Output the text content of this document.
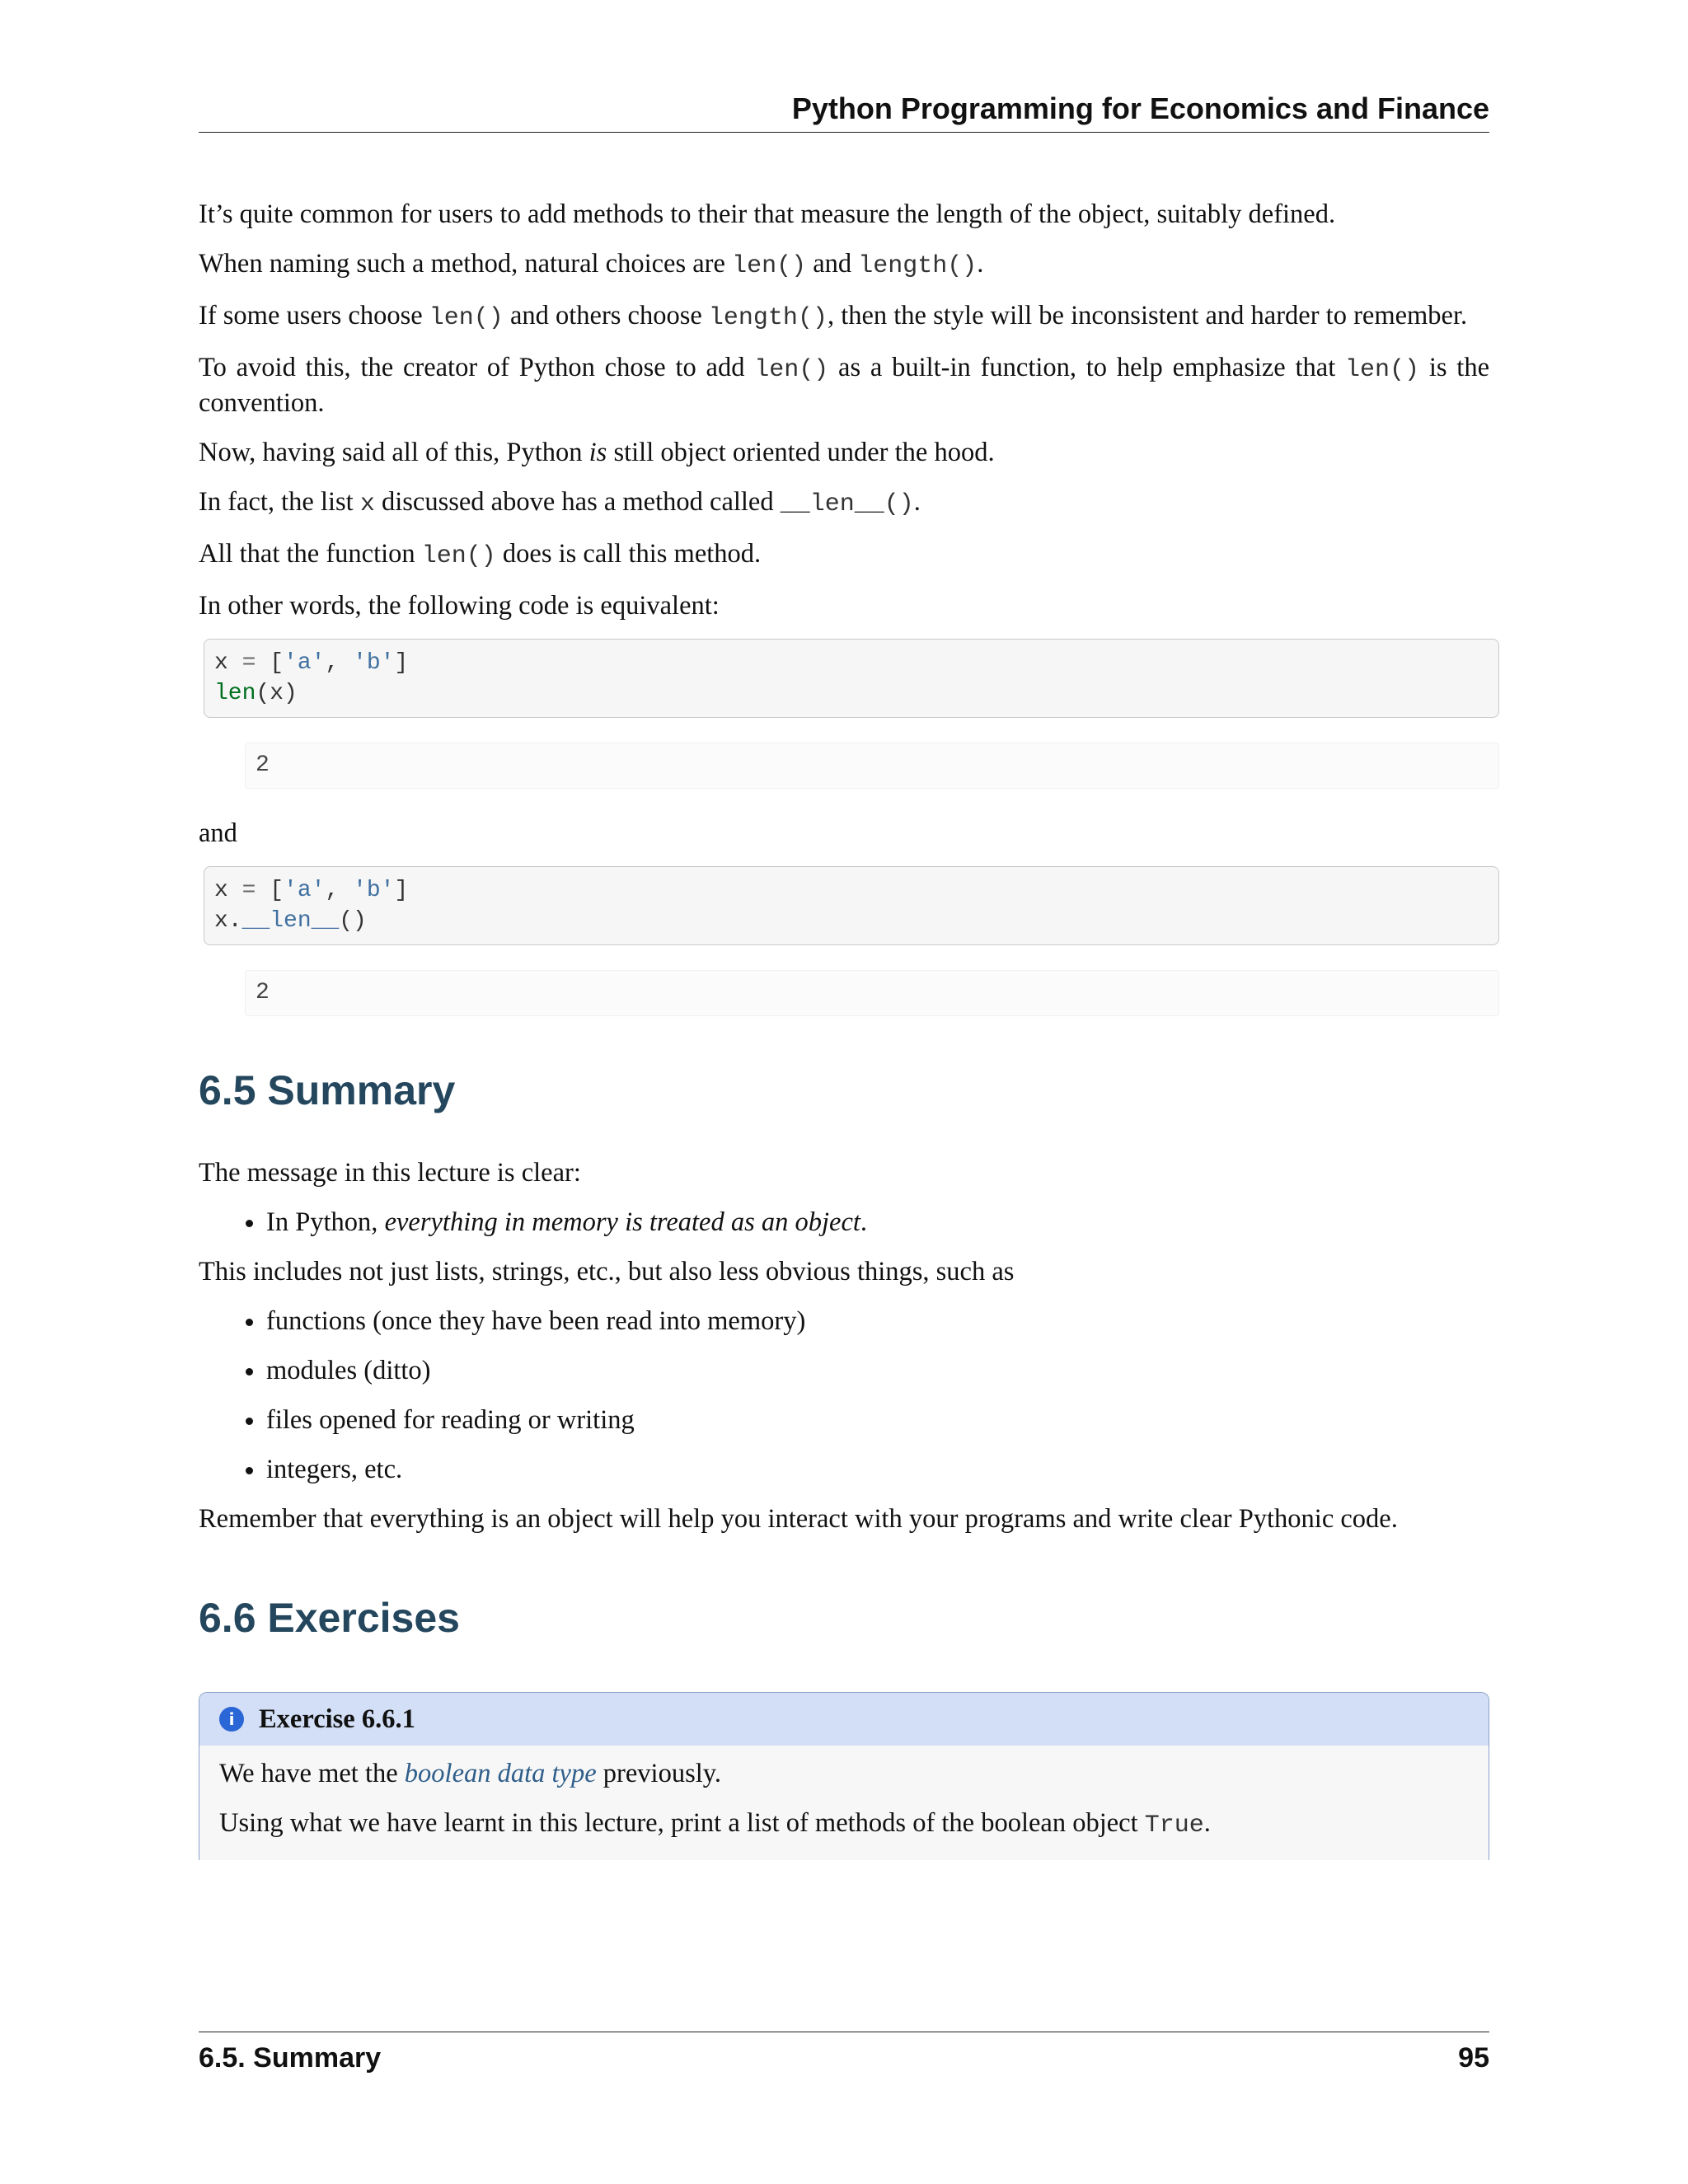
Python Programming for Economics and Finance

It’s quite common for users to add methods to their that measure the length of the object, suitably defined.

When naming such a method, natural choices are len() and length().

If some users choose len() and others choose length(), then the style will be inconsistent and harder to remember.

To avoid this, the creator of Python chose to add len() as a built-in function, to help emphasize that len() is the convention.

Now, having said all of this, Python is still object oriented under the hood.

In fact, the list x discussed above has a method called __len__().

All that the function len() does is call this method.

In other words, the following code is equivalent:

x = ['a', 'b']
len(x)
2

and

x = ['a', 'b']
x.__len__()
2
6.5 Summary

The message in this lecture is clear:

• In Python, everything in memory is treated as an object.

This includes not just lists, strings, etc., but also less obvious things, such as

• functions (once they have been read into memory)
• modules (ditto)
• files opened for reading or writing
• integers, etc.

Remember that everything is an object will help you interact with your programs and write clear Pythonic code.

6.6 Exercises
i Exercise 6.6.1

We have met the boolean data type previously.

Using what we have learnt in this lecture, print a list of methods of the boolean object True.

6.5. Summary	95
